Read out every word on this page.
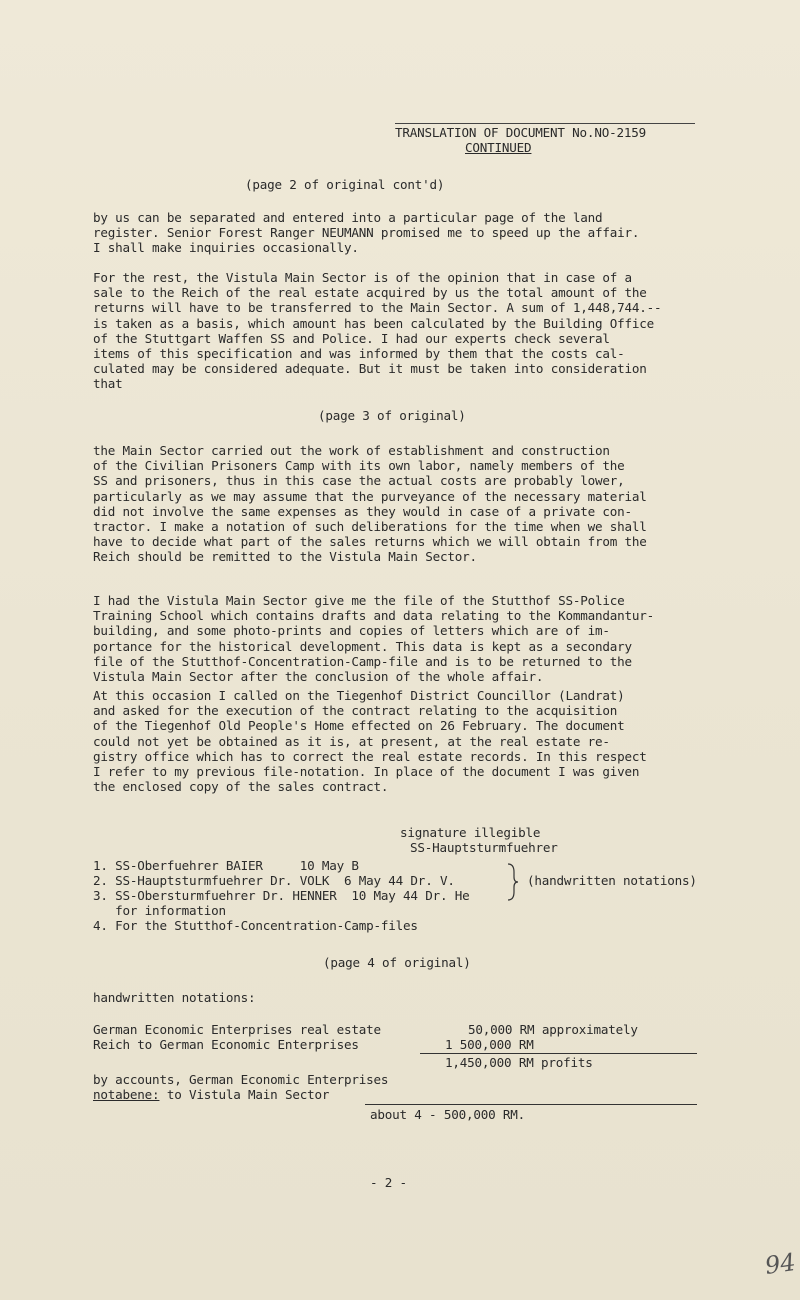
TRANSLATION OF DOCUMENT No.NO-2159
CONTINUED
(page 2 of original cont'd)
by us can be separated and entered into a particular page of the land
register. Senior Forest Ranger NEUMANN promised me to speed up the affair.
I shall make inquiries occasionally.
For the rest, the Vistula Main Sector is of the opinion that in case of a
sale to the Reich of the real estate acquired by us the total amount of the
returns will have to be transferred to the Main Sector. A sum of 1,448,744.--
is taken as a basis, which amount has been calculated by the Building Office
of the Stuttgart Waffen SS and Police. I had our experts check several
items of this specification and was informed by them that the costs cal-
culated may be considered adequate. But it must be taken into consideration
that
(page 3 of original)
the Main Sector carried out the work of establishment and construction
of the Civilian Prisoners Camp with its own labor, namely members of the
SS and prisoners, thus in this case the actual costs are probably lower,
particularly as we may assume that the purveyance of the necessary material
did not involve the same expenses as they would in case of a private con-
tractor. I make a notation of such deliberations for the time when we shall
have to decide what part of the sales returns which we will obtain from the
Reich should be remitted to the Vistula Main Sector.
I had the Vistula Main Sector give me the file of the Stutthof SS-Police
Training School which contains drafts and data relating to the Kommandantur-
building, and some photo-prints and copies of letters which are of im-
portance for the historical development. This data is kept as a secondary
file of the Stutthof-Concentration-Camp-file and is to be returned to the
Vistula Main Sector after the conclusion of the whole affair.
At this occasion I called on the Tiegenhof District Councillor (Landrat)
and asked for the execution of the contract relating to the acquisition
of the Tiegenhof Old People's Home effected on 26 February. The document
could not yet be obtained as it is, at present, at the real estate re-
gistry office which has to correct the real estate records. In this respect
I refer to my previous file-notation. In place of the document I was given
the enclosed copy of the sales contract.
signature illegible
SS-Hauptsturmfuehrer
1. SS-Oberfuehrer BAIER     10 May B
2. SS-Hauptsturmfuehrer Dr. VOLK  6 May 44 Dr. V.
3. SS-Obersturmfuehrer Dr. HENNER  10 May 44 Dr. He
for information
4. For the Stutthof-Concentration-Camp-files
(handwritten notations)
(page 4 of original)
handwritten notations:
German Economic Enterprises real estate
Reich to German Economic Enterprises
50,000 RM approximately
1 500,000 RM
1,450,000 RM profits
by accounts, German Economic Enterprises
notabene: to Vistula Main Sector
about 4 - 500,000 RM.
- 2 -
94
